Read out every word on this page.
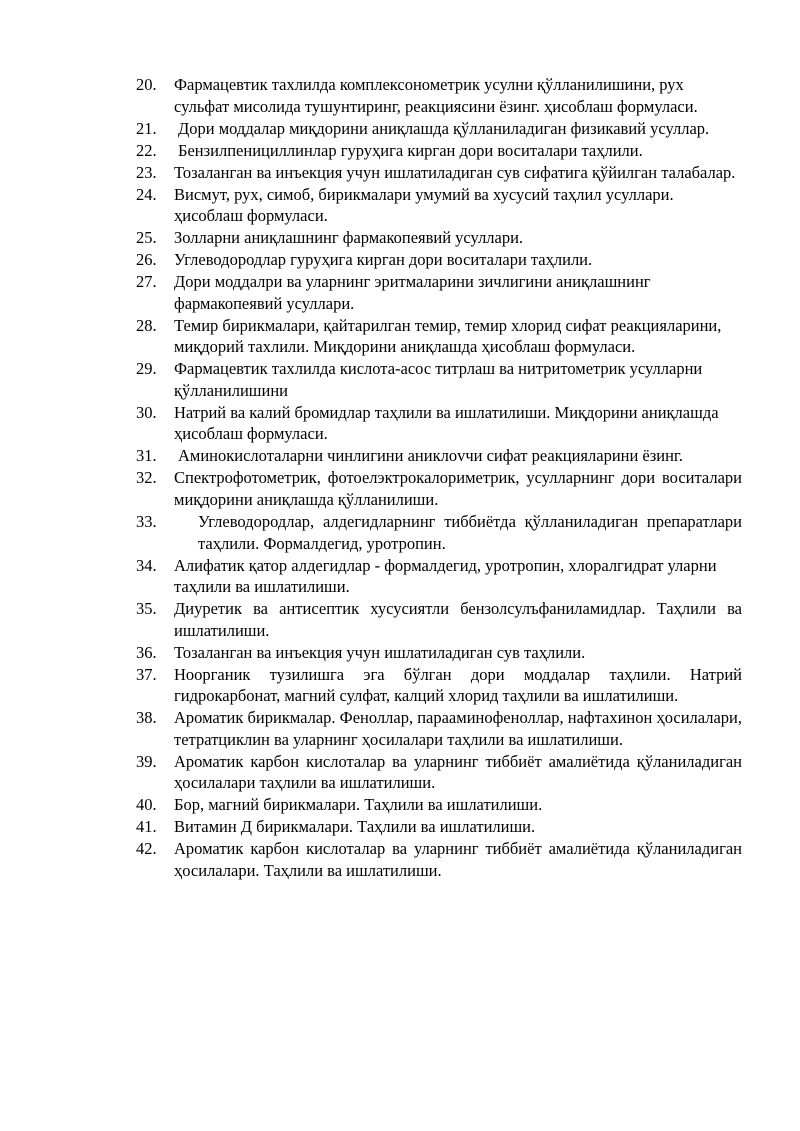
20. Фармацевтик тахлилда комплексонометрик усулни қўлланилишини, рух сульфат мисолида тушунтиринг, реакциясини ёзинг. ҳисоблаш формуласи.
21. Дори моддалар миқдорини аниқлашда қўлланиладиган физикавий усуллар.
22. Бензилпенициллинлар гуруҳига кирган дори воситалари таҳлили.
23. Тозаланган ва инъекция учун ишлатиладиган сув сифатига қўйилган талабалар.
24. Висмут, рух, симоб, бирикмалари умумий ва хусусий таҳлил усуллари. ҳисоблаш формуласи.
25. Золларни аниқлашнинг фармакопеявий усуллари.
26. Углеводородлар гуруҳига кирган дори воситалари таҳлили.
27. Дори моддалри ва уларнинг эритмаларини зичлигини аниқлашнинг фармакопеявий усуллари.
28. Темир бирикмалари, қайтарилган темир, темир хлорид сифат реакцияларини, миқдорий тахлили. Миқдорини аниқлашда ҳисоблаш формуласи.
29. Фармацевтик тахлилда кислота-асос титрлаш ва нитритометрик усулларни қўлланилишини
30. Натрий ва калий бромидлар таҳлили ва ишлатилиши. Миқдорини аниқлашда ҳисоблаш формуласи.
31. Аминокислоталарни чинлигини аниклovчи сифат реакцияларини ёзинг.
32. Спектрофотометрик, фотоелэктрокалориметрик, усулларнинг дори воситалари миқдорини аниқлашда қўлланилиши.
33.	Углеводородлар, алдегидларнинг тиббиётда қўлланиладиган препаратлари таҳлили. Формалдегид, уротропин.
34. Алифатик қатор алдегидлар - формалдегид, уротропин, хлоралгидрат уларни таҳлили ва ишлатилиши.
35. Диуретик ва антисептик хусусиятли бензолсулъфаниламидлар. Таҳлили ва ишлатилиши.
36. Тозаланган ва инъекция учун ишлатиладиган сув таҳлили.
37. Ноорганик тузилишга эга бўлган дори моддалар таҳлили. Натрий гидрокарбонат, магний сулфат, калций хлорид таҳлили ва ишлатилиши.
38. Ароматик бирикмалар. Феноллар, парааминофеноллар, нафтахинон ҳосилалари, тетратциклин ва уларнинг ҳосилалари таҳлили ва ишлатилиши.
39. Ароматик карбон кислоталар ва уларнинг тиббиёт амалиётида қўланиладиган ҳосилалари таҳлили ва ишлатилиши.
40. Бор, магний бирикмалари. Таҳлили ва ишлатилиши.
41. Витамин Д бирикмалари. Таҳлили ва ишлатилиши.
42. Ароматик карбон кислоталар ва уларнинг тиббиёт амалиётида қўланиладиган ҳосилалари. Таҳлили ва ишлатилиши.
